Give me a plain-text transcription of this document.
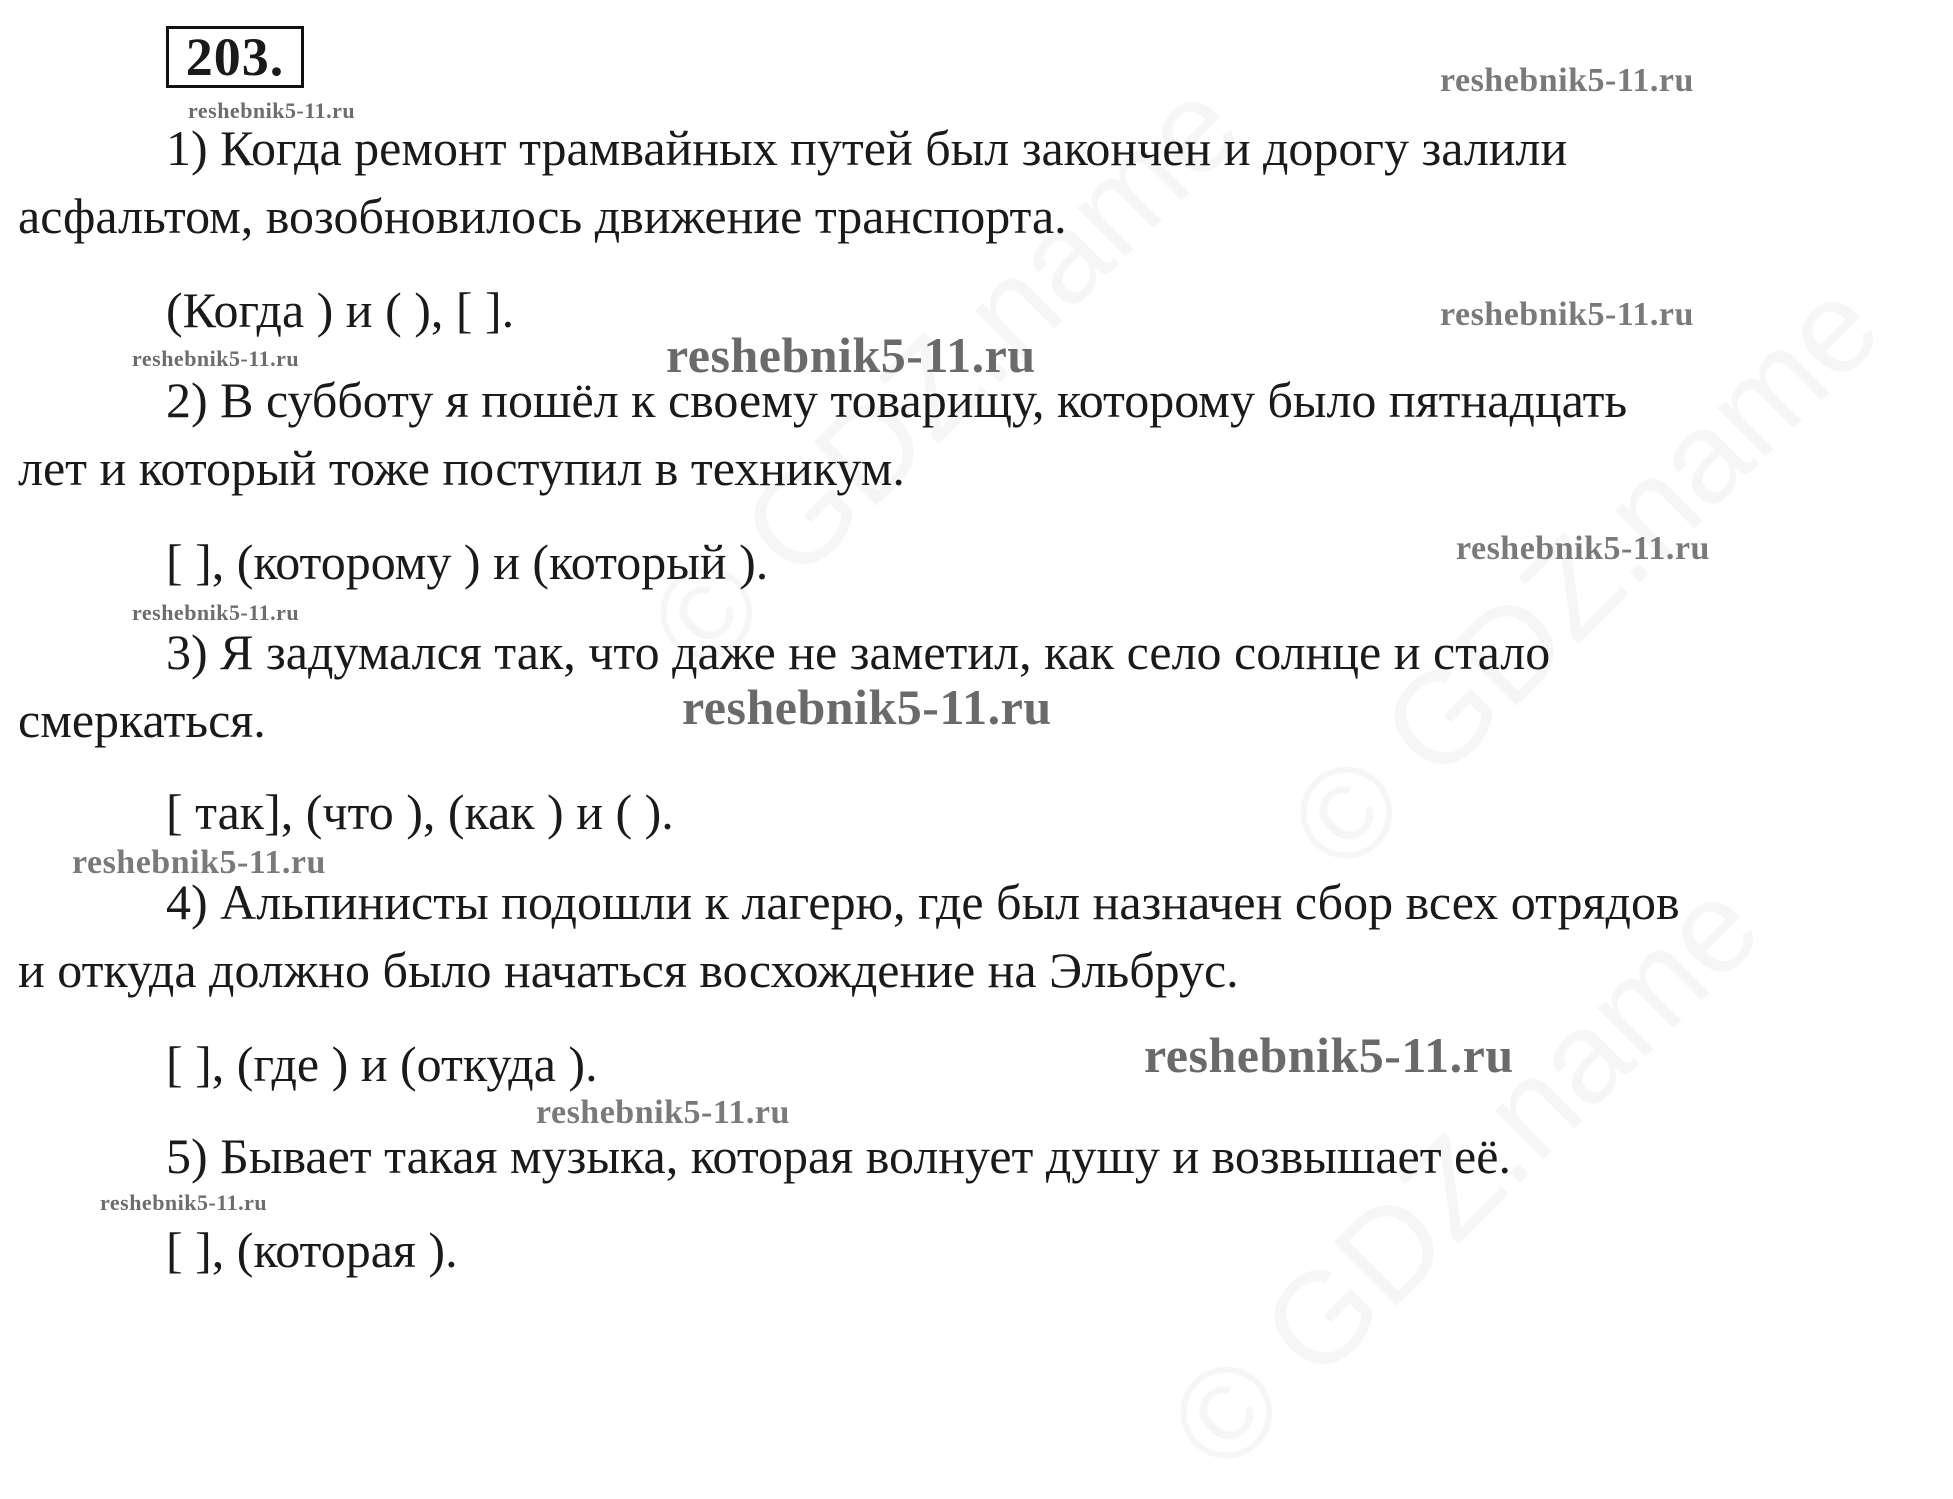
203.
reshebnik5-11.ru
reshebnik5-11.ru
reshebnik5-11.ru
reshebnik5-11.ru	reshebnik5-11.ru
reshebnik5-11.ru
reshebnik5-11.ru
reshebnik5-11.ru
reshebnik5-11.ru
reshebnik5-11.ru
reshebnik5-11.ru
reshebnik5-11.ru
1) Когда ремонт трамвайных путей был закончен и дорогу залили
асфальтом, возобновилось движение транспорта.
(Когда ) и ( ), [ ].
2) В субботу я пошёл к своему товарищу, которому было пятнадцать
лет и который тоже поступил в техникум.
[ ], (которому ) и (который ).
3) Я задумался так, что даже не заметил, как село солнце и стало
смеркаться.
[ так], (что ), (как ) и ( ).
4) Альпинисты подошли к лагерю, где был назначен сбор всех отрядов
и откуда должно было начаться восхождение на Эльбрус.
[ ], (где ) и (откуда ).
5) Бывает такая музыка, которая волнует душу и возвышает её.
[ ], (которая ).
